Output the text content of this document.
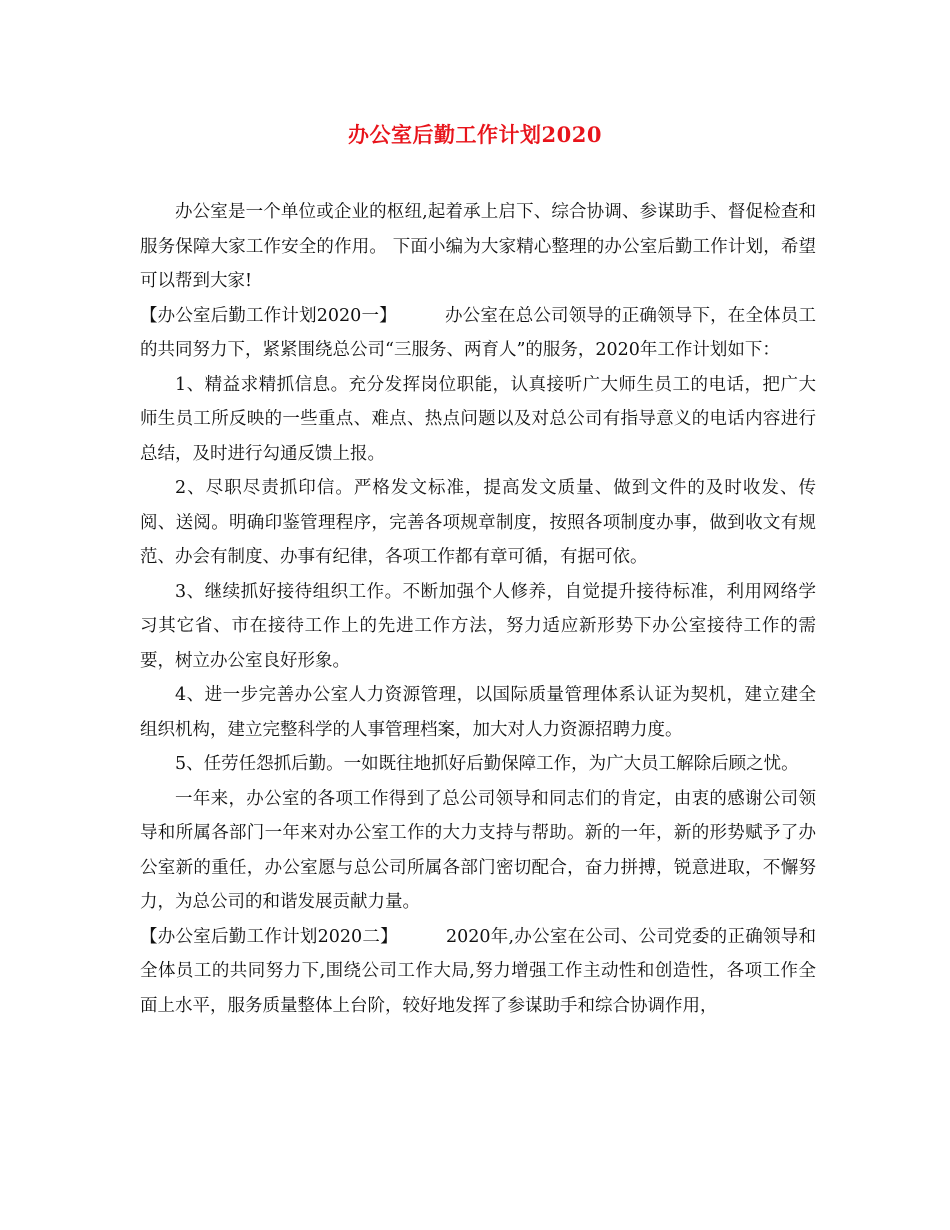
办公室后勤工作计划2020

办公室是一个单位或企业的枢纽,起着承上启下、综合协调、参谋助手、督促检查和服务保障大家工作安全的作用。 下面小编为大家精心整理的办公室后勤工作计划，希望可以帮到大家!

【办公室后勤工作计划2020一】	办公室在总公司领导的正确领导下，在全体员工的共同努力下，紧紧围绕总公司“三服务、两育人”的服务，2020年工作计划如下：

1、精益求精抓信息。充分发挥岗位职能，认真接听广大师生员工的电话，把广大师生员工所反映的一些重点、难点、热点问题以及对总公司有指导意义的电话内容进行总结，及时进行勾通反馈上报。

2、尽职尽责抓印信。严格发文标准，提高发文质量、做到文件的及时收发、传阅、送阅。明确印鉴管理程序，完善各项规章制度，按照各项制度办事，做到收文有规范、办会有制度、办事有纪律，各项工作都有章可循，有据可依。

3、继续抓好接待组织工作。不断加强个人修养，自觉提升接待标准，利用网络学习其它省、市在接待工作上的先进工作方法，努力适应新形势下办公室接待工作的需要，树立办公室良好形象。

4、进一步完善办公室人力资源管理，以国际质量管理体系认证为契机，建立建全组织机构，建立完整科学的人事管理档案，加大对人力资源招聘力度。

5、任劳任怨抓后勤。一如既往地抓好后勤保障工作，为广大员工解除后顾之忧。

一年来，办公室的各项工作得到了总公司领导和同志们的肯定，由衷的感谢公司领导和所属各部门一年来对办公室工作的大力支持与帮助。新的一年，新的形势赋予了办公室新的重任，办公室愿与总公司所属各部门密切配合，奋力拼搏，锐意进取，不懈努力，为总公司的和谐发展贡献力量。

【办公室后勤工作计划2020二】	2020年,办公室在公司、公司党委的正确领导和全体员工的共同努力下,围绕公司工作大局,努力增强工作主动性和创造性，各项工作全面上水平，服务质量整体上台阶，较好地发挥了参谋助手和综合协调作用，
